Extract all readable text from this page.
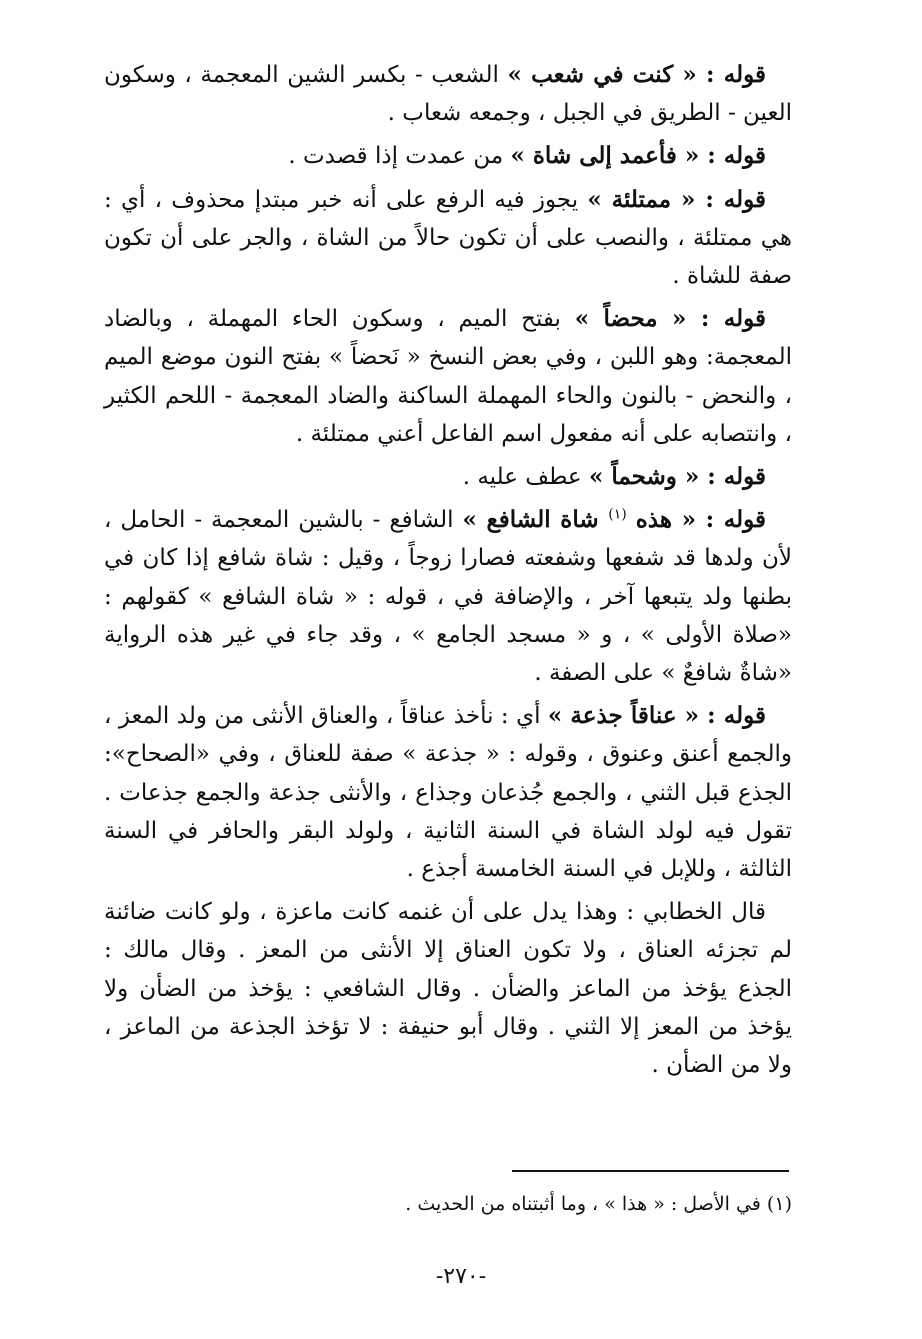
قوله : « كنت في شعب » الشعب - بكسر الشين المعجمة ، وسكون العين - الطريق في الجبل ، وجمعه شعاب .

قوله : « فأعمد إلى شاة » من عمدت إذا قصدت .

قوله : « ممتلئة » يجوز فيه الرفع على أنه خبر مبتدإ محذوف ، أي : هي ممتلئة ، والنصب على أن تكون حالاً من الشاة ، والجر على أن تكون صفة للشاة .

قوله : « محضاً » بفتح الميم ، وسكون الحاء المهملة ، وبالضاد المعجمة: وهو اللبن ، وفي بعض النسخ « نَحضاً » بفتح النون موضع الميم ، والنحض - بالنون والحاء المهملة الساكنة والضاد المعجمة - اللحم الكثير ، وانتصابه على أنه مفعول اسم الفاعل أعني ممتلئة .

قوله : « وشحماً » عطف عليه .

قوله : « هذه $^{(١)}$ شاة الشافع » الشافع - بالشين المعجمة - الحامل ، لأن ولدها قد شفعها وشفعته فصارا زوجاً ، وقيل : شاة شافع إذا كان في بطنها ولد يتبعها آخر ، والإضافة في ، قوله : « شاة الشافع » كقولهم : «صلاة الأولى » ، و « مسجد الجامع » ، وقد جاء في غير هذه الرواية «شاةٌ شافعٌ » على الصفة .

قوله : « عناقاً جذعة » أي : نأخذ عناقاً ، والعناق الأنثى من ولد المعز ، والجمع أعنق وعنوق ، وقوله : « جذعة » صفة للعناق ، وفي «الصحاح»: الجذع قبل الثني ، والجمع جُذعان وجذاع ، والأنثى جذعة والجمع جذعات . تقول فيه لولد الشاة في السنة الثانية ، ولولد البقر والحافر في السنة الثالثة ، وللإبل في السنة الخامسة أجذع .

قال الخطابي : وهذا يدل على أن غنمه كانت ماعزة ، ولو كانت ضائنة لم تجزئه العناق ، ولا تكون العناق إلا الأنثى من المعز . وقال مالك : الجذع يؤخذ من الماعز والضأن . وقال الشافعي : يؤخذ من الضأن ولا يؤخذ من المعز إلا الثني . وقال أبو حنيفة : لا تؤخذ الجذعة من الماعز ، ولا من الضأن .

(١) في الأصل : « هذا » ، وما أثبتناه من الحديث .
-٢٧٠-
